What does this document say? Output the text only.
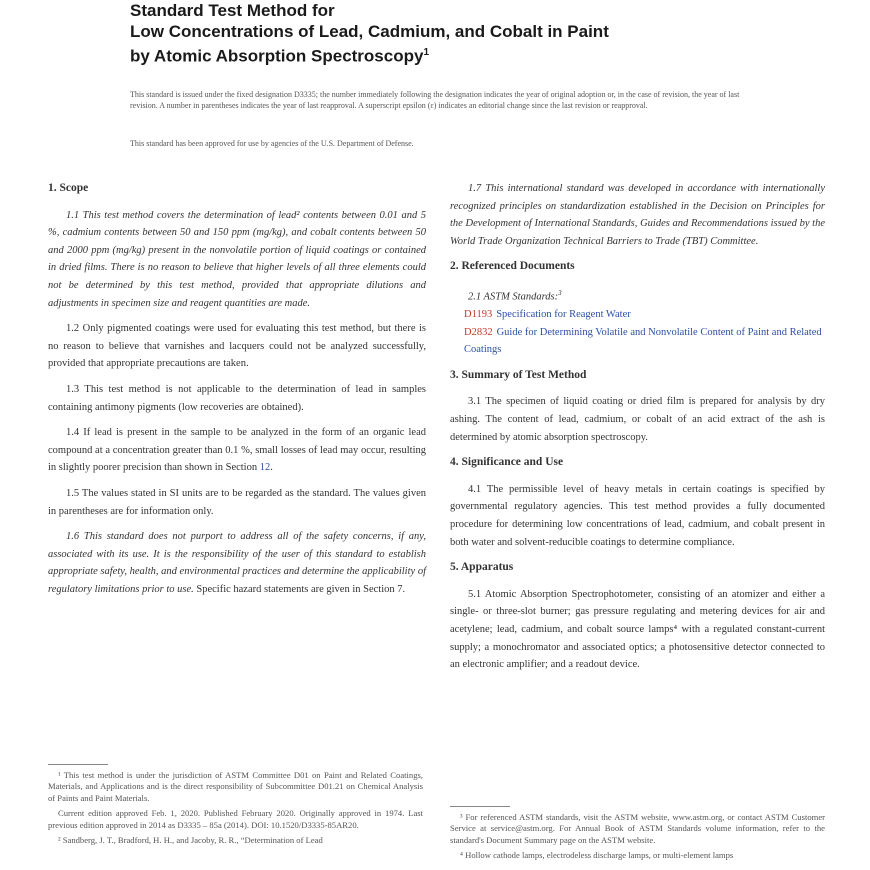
Standard Test Method for
Low Concentrations of Lead, Cadmium, and Cobalt in Paint
by Atomic Absorption Spectroscopy$^1$
This standard is issued under the fixed designation D3335; the number immediately following the designation indicates the year of original adoption or, in the case of revision, the year of last revision. A number in parentheses indicates the year of last reapproval. A superscript epsilon (ε) indicates an editorial change since the last revision or reapproval.
This standard has been approved for use by agencies of the U.S. Department of Defense.
1. Scope

1.1 This test method covers the determination of lead² contents between 0.01 and 5 %, cadmium contents between 50 and 150 ppm (mg/kg), and cobalt contents between 50 and 2000 ppm (mg/kg) present in the nonvolatile portion of liquid coatings or contained in dried films. There is no reason to believe that higher levels of all three elements could not be determined by this test method, provided that appropriate dilutions and adjustments in specimen size and reagent quantities are made.

1.2 Only pigmented coatings were used for evaluating this test method, but there is no reason to believe that varnishes and lacquers could not be analyzed successfully, provided that appropriate precautions are taken.

1.3 This test method is not applicable to the determination of lead in samples containing antimony pigments (low recoveries are obtained).

1.4 If lead is present in the sample to be analyzed in the form of an organic lead compound at a concentration greater than 0.1 %, small losses of lead may occur, resulting in slightly poorer precision than shown in Section 12.

1.5 The values stated in SI units are to be regarded as the standard. The values given in parentheses are for information only.

1.6 This standard does not purport to address all of the safety concerns, if any, associated with its use. It is the responsibility of the user of this standard to establish appropriate safety, health, and environmental practices and determine the applicability of regulatory limitations prior to use. Specific hazard statements are given in Section 7.

1.7 This international standard was developed in accordance with internationally recognized principles on standardization established in the Decision on Principles for the Development of International Standards, Guides and Recommendations issued by the World Trade Organization Technical Barriers to Trade (TBT) Committee.

2. Referenced Documents
2.1 ASTM Standards:$^3$
D1193 Specification for Reagent Water
D2832 Guide for Determining Volatile and Nonvolatile Content of Paint and Related Coatings
3. Summary of Test Method

3.1 The specimen of liquid coating or dried film is prepared for analysis by dry ashing. The content of lead, cadmium, or cobalt of an acid extract of the ash is determined by atomic absorption spectroscopy.

4. Significance and Use

4.1 The permissible level of heavy metals in certain coatings is specified by governmental regulatory agencies. This test method provides a fully documented procedure for determining low concentrations of lead, cadmium, and cobalt present in both water and solvent-reducible coatings to determine compliance.

5. Apparatus

5.1 Atomic Absorption Spectrophotometer, consisting of an atomizer and either a single- or three-slot burner; gas pressure regulating and metering devices for air and acetylene; lead, cadmium, and cobalt source lamps⁴ with a regulated constant-current supply; a monochromator and associated optics; a photosensitive detector connected to an electronic amplifier; and a readout device.

¹ This test method is under the jurisdiction of ASTM Committee D01 on Paint and Related Coatings, Materials, and Applications and is the direct responsibility of Subcommittee D01.21 on Chemical Analysis of Paints and Paint Materials.

Current edition approved Feb. 1, 2020. Published February 2020. Originally approved in 1974. Last previous edition approved in 2014 as D3335 – 85a (2014). DOI: 10.1520/D3335-85AR20.

² Sandberg, J. T., Bradford, H. H., and Jacoby, R. R., “Determination of Lead

³ For referenced ASTM standards, visit the ASTM website, www.astm.org, or contact ASTM Customer Service at service@astm.org. For Annual Book of ASTM Standards volume information, refer to the standard's Document Summary page on the ASTM website.

⁴ Hollow cathode lamps, electrodeless discharge lamps, or multi-element lamps
